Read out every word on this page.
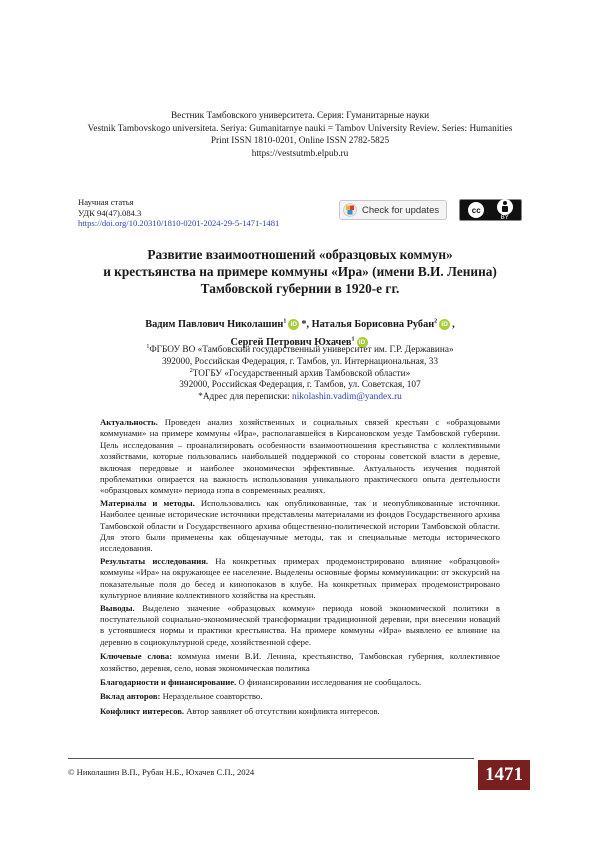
Вестник Тамбовского университета. Серия: Гуманитарные науки
Vestnik Tambovskogo universiteta. Seriya: Gumanitarnye nauki = Tambov University Review. Series: Humanities
Print ISSN 1810-0201, Online ISSN 2782-5825
https://vestsutmb.elpub.ru
Научная статья
УДК 94(47).084.3
https://doi.org/10.20310/1810-0201-2024-29-5-1471-1481
Check for updates	cc
BY
Развитие взаимоотношений «образцовых коммун»
и крестьянства на примере коммуны «Ира» (имени В.И. Ленина)
Тамбовской губернии в 1920-е гг.
Вадим Павлович Николашин$^1$ iD *, Наталья Борисовна Рубан$^2$ iD ,
Сергей Петрович Юхачев$^1$ iD
$^1$ФГБОУ ВО «Тамбовский государственный университет им. Г.Р. Державина»
392000, Российская Федерация, г. Тамбов, ул. Интернациональная, 33
$^2$ТОГБУ «Государственный архив Тамбовской области»
392000, Российская Федерация, г. Тамбов, ул. Советская, 107
*Адрес для переписки: nikolashin.vadim@yandex.ru

Актуальность. Проведен анализ хозяйственных и социальных связей крестьян с «образцовыми коммунами» на примере коммуны «Ира», располагавшейся в Кирсановском уезде Тамбовской губернии. Цель исследования – проанализировать особенности взаимоотношения крестьянства с коллективными хозяйствами, которые пользовались наибольшей поддержкой со стороны советской власти в деревне, включая передовые и наиболее экономически эффективные. Актуальность изучения поднятой проблематики опирается на важность использования уникального практического опыта деятельности «образцовых коммун» периода нэпа в современных реалиях.

Материалы и методы. Использовались как опубликованные, так и неопубликованные источники. Наиболее ценные исторические источники представлены материалами из фондов Государственного архива Тамбовской области и Государственного архива общественно-политической истории Тамбовской области. Для этого были применены как общенаучные методы, так и специальные методы исторического исследования.

Результаты исследования. На конкретных примерах продемонстрировано влияние «образцовой» коммуны «Ира» на окружающее ее население. Выделены основные формы коммуникации: от экскурсий на показательные поля до бесед и кинопоказов в клубе. На конкретных примерах продемонстрировано культурное влияние коллективного хозяйства на крестьян.

Выводы. Выделено значение «образцовых коммун» периода новой экономической политики в поступательной социально-экономической трансформации традиционной деревни, при внесении новаций в устоявшиеся нормы и практики крестьянства. На примере коммуны «Ира» выявлено ее влияние на деревню в социокультурной среде, хозяйственной сфере.

Ключевые слова: коммуна имени В.И. Ленина, крестьянство, Тамбовская губерния, коллективное хозяйство, деревня, село, новая экономическая политика

Благодарности и финансирование. О финансировании исследования не сообщалось.

Вклад авторов: Нераздельное соавторство.

Конфликт интересов. Автор заявляет об отсутствии конфликта интересов.

© Николашин В.П., Рубан Н.Б., Юхачев С.П., 2024	1471
